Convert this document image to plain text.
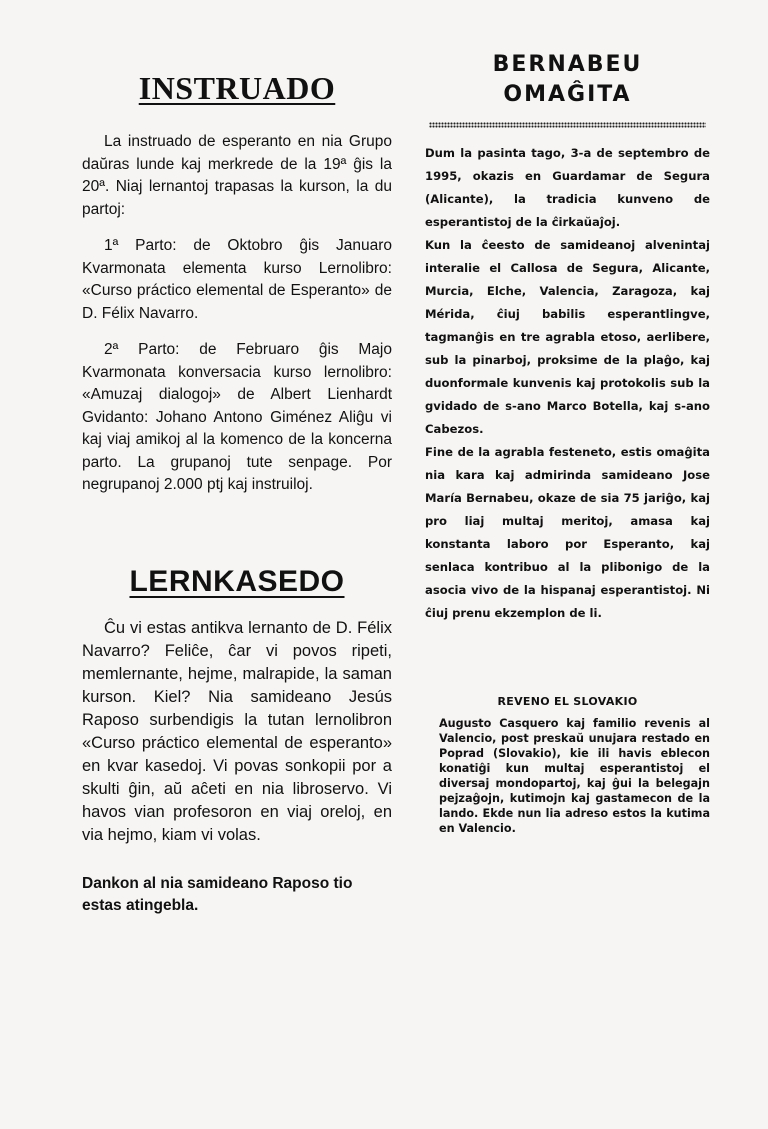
INSTRUADO

La instruado de esperanto en nia Grupo daŭras lunde kaj merkrede de la 19ª ĝis la 20ª. Niaj lernantoj trapasas la kurson, la du partoj:

1ª Parto: de Oktobro ĝis Januaro Kvarmonata elementa kurso Lernolibro: «Curso práctico elemental de Esperanto» de D. Félix Navarro.

2ª Parto: de Februaro ĝis Majo Kvarmonata konversacia kurso lernolibro: «Amuzaj dialogoj» de Albert Lienhardt Gvidanto: Johano Antono Giménez Aliĝu vi kaj viaj amikoj al la komenco de la koncerna parto. La grupanoj tute senpage. Por negrupanoj 2.000 ptj kaj instruiloj.

LERNKASEDO

Ĉu vi estas antikva lernanto de D. Félix Navarro? Feliĉe, ĉar vi povos ripeti, memlernante, hejme, malrapide, la saman kurson. Kiel? Nia samideano Jesús Raposo surbendigis la tutan lernolibron «Curso práctico elemental de esperanto» en kvar kasedoj. Vi povas sonkopii por a skulti ĝin, aŭ aĉeti en nia libroservo. Vi havos vian profesoron en viaj oreloj, en via hejmo, kiam vi volas.

Dankon al nia samideano Raposo tio estas atingebla.

BERNABEU
OMAĜITA

Dum la pasinta tago, 3-a de septembro de 1995, okazis en Guardamar de Segura (Alicante), la tradicia kunveno de esperantistoj de la ĉirkaŭaĵoj.

Kun la ĉeesto de samideanoj alvenintaj interalie el Callosa de Segura, Alicante, Murcia, Elche, Valencia, Zaragoza, kaj Mérida, ĉiuj babilis esperantlingve, tagmanĝis en tre agrabla etoso, aerlibere, sub la pinarboj, proksime de la plaĝo, kaj duonformale kunvenis kaj protokolis sub la gvidado de s-ano Marco Botella, kaj s-ano Cabezos.

Fine de la agrabla festeneto, estis omaĝita nia kara kaj admirinda samideano Jose María Bernabeu, okaze de sia 75 jariĝo, kaj pro liaj multaj meritoj, amasa kaj konstanta laboro por Esperanto, kaj senlaca kontribuo al la plibonigo de la asocia vivo de la hispanaj esperantistoj. Ni ĉiuj prenu ekzemplon de li.

REVENO EL SLOVAKIO

Augusto Casquero kaj familio revenis al Valencio, post preskaŭ unujara restado en Poprad (Slovakio), kie ili havis eblecon konatiĝi kun multaj esperantistoj el diversaj mondopartoj, kaj ĝui la belegajn pejzaĝojn, kutimojn kaj gastamecon de la lando. Ekde nun lia adreso estos la kutima en Valencio.
